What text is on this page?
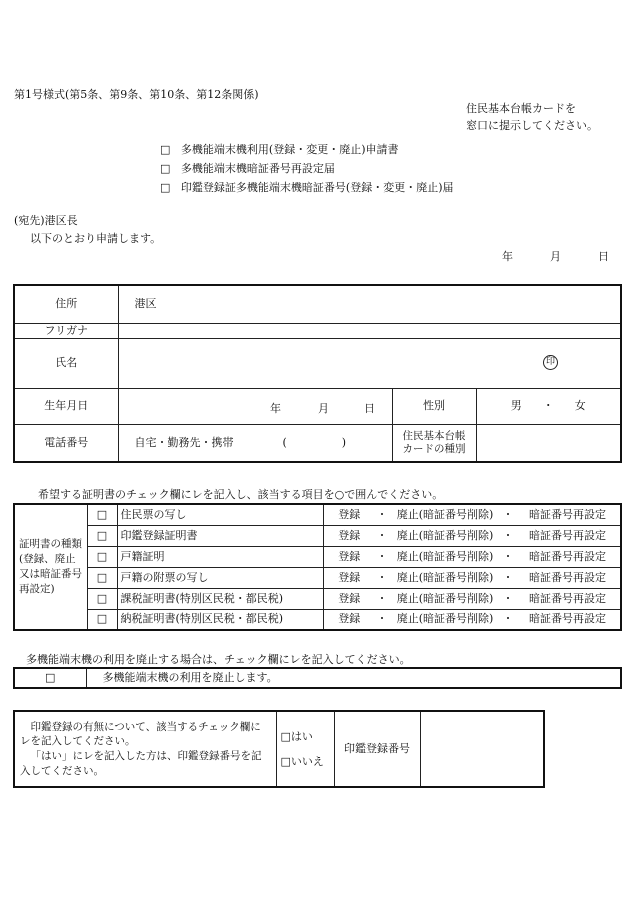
第1号様式(第5条、第9条、第10条、第12条関係)
住民基本台帳カードを
窓口に提示してください。
□ 多機能端末機利用(登録・変更・廃止)申請書
□ 多機能端末機暗証番号再設定届
□ 印鑑登録証多機能端末機暗証番号(登録・変更・廃止)届
(宛先)港区長
以下のとおり申請します。
年	月	日
住所	港区		
フリガナ			
氏名	印		

生年月日		性別	男 ・ 女
電話番号	自宅・勤務先・携帯 ( )	住民基本台帳
カードの種別	

年	月	日
希望する証明書のチェック欄にレを記入し、該当する項目を○で囲んでください。
証明書の種類(登録、廃止又は暗証番号再設定)	□	住民票の写し	登録	・	廃止(暗証番号削除)	・	暗証番号再設定
	□	印鑑登録証明書	登録	・	廃止(暗証番号削除)	・	暗証番号再設定
	□	戸籍証明	登録	・	廃止(暗証番号削除)	・	暗証番号再設定
	□	戸籍の附票の写し	登録	・	廃止(暗証番号削除)	・	暗証番号再設定
	□	課税証明書(特別区民税・都民税)	登録	・	廃止(暗証番号削除)	・	暗証番号再設定
	□	納税証明書(特別区民税・都民税)	登録	・	廃止(暗証番号削除)	・	暗証番号再設定
多機能端末機の利用を廃止する場合は、チェック欄にレを記入してください。
□	多機能端末機の利用を廃止します。
印鑑登録の有無について、該当するチェック欄にレを記入してください。
「はい」にレを記入した方は、印鑑登録番号を記入してください。

□はい
□いいえ
	印鑑登録番号	
